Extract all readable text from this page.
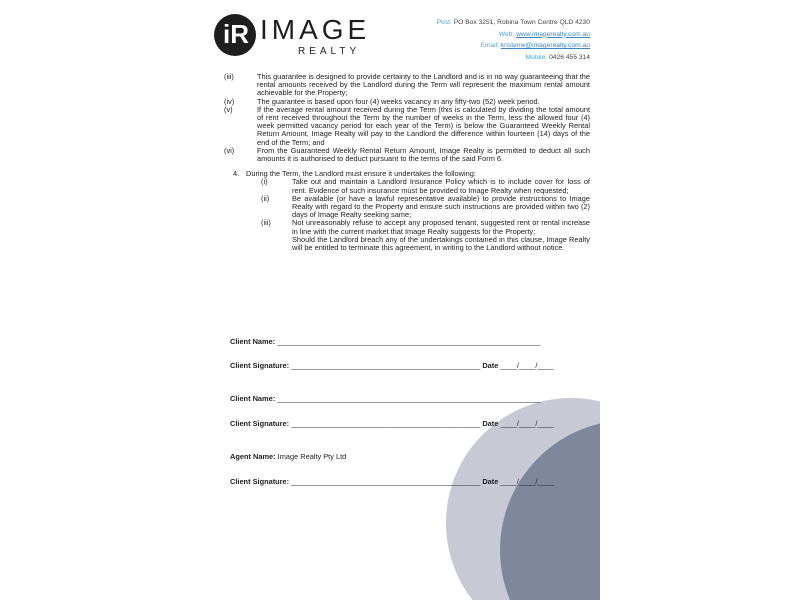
iR IMAGE
REALTY
Post: PO Box 3251, Robina Town Centre QLD 4230
Web: www.imagerealty.com.au
Email: kristenw@imagerealty.com.au
Mobile: 0426 455 314
(iii)	This guarantee is designed to provide certainty to the Landlord and is in no way guaranteeing that the rental amounts received by the Landlord during the Term will represent the maximum rental amount achievable for the Property;
(iv)	The guarantee is based upon four (4) weeks vacancy in any fifty-two (52) week period.
(v)	If the average rental amount received during the Term (this is calculated by dividing the total amount of rent received throughout the Term by the number of weeks in the Term, less the allowed four (4) week permitted vacancy period for each year of the Term) is below the Guaranteed Weekly Rental Return Amount, Image Realty will pay to the Landlord the difference within fourteen (14) days of the end of the Term; and
(vi)	From the Guaranteed Weekly Rental Return Amount, Image Realty is permitted to deduct all such amounts it is authorised to deduct pursuant to the terms of the said Form 6.
4. During the Term, the Landlord must ensure it undertakes the following:
(i)	Take out and maintain a Landlord Insurance Policy which is to include cover for loss of rent. Evidence of such insurance must be provided to Image Realty when requested;
(ii)	Be available (or have a lawful representative available) to provide instructions to Image Realty with regard to the Property and ensure such instructions are provided within two (2) days of Image Realty seeking same;
(iii)	Not unreasonably refuse to accept any proposed tenant, suggested rent or rental increase in line with the current market that Image Realty suggests for the Property;
Should the Landlord breach any of the undertakings contained in this clause, Image Realty will be entitled to terminate this agreement, in writing to the Landlord without notice.
Client Name: ________________________________________________________________
Client Signature: ______________________________________________ Date ____/____/____
Client Name: ________________________________________________________________
Client Signature: ______________________________________________ Date ____/____/____
Agent Name: Image Realty Pty Ltd
Client Signature: ______________________________________________ Date ____/____/____
